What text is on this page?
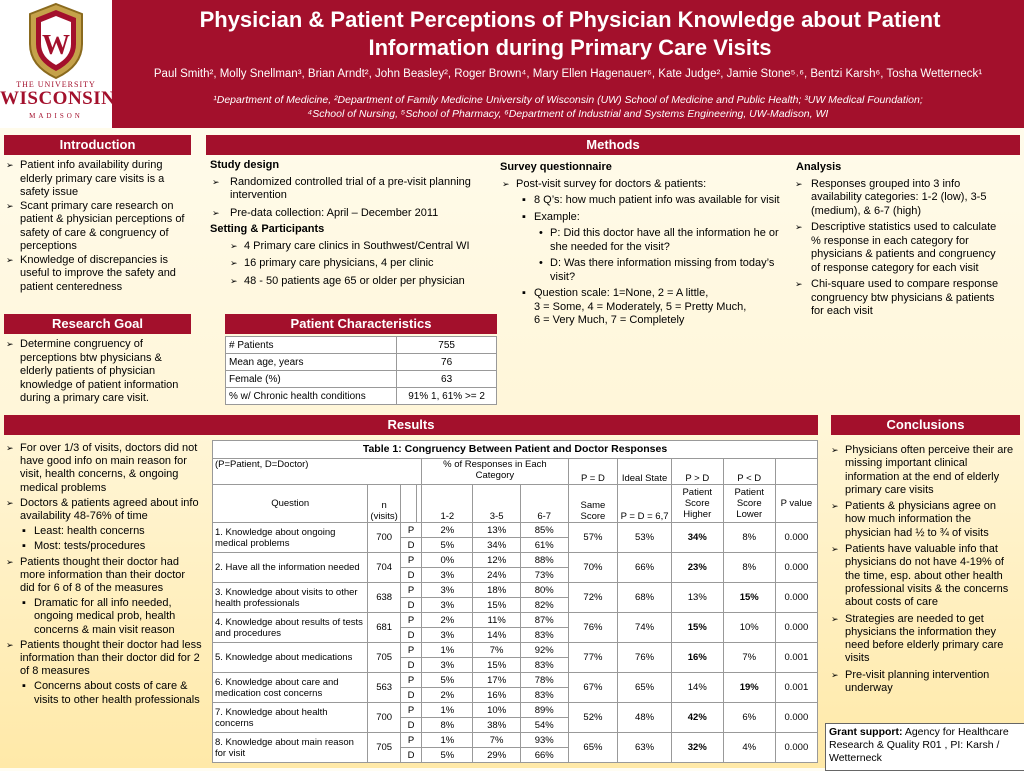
W
THE UNIVERSITY
WISCONSIN
MADISON
Physician & Patient Perceptions of Physician Knowledge about Patient
Information during Primary Care Visits
Paul Smith², Molly Snellman³, Brian Arndt², John Beasley², Roger Brown⁴, Mary Ellen Hagenauer⁶, Kate Judge², Jamie Stone⁵˒⁶, Bentzi Karsh⁶, Tosha Wetterneck¹
¹Department of Medicine, ²Department of Family Medicine University of Wisconsin (UW) School of Medicine and Public Health; ³UW Medical Foundation;
⁴School of Nursing, ⁵School of Pharmacy, ⁶Department of Industrial and Systems Engineering, UW-Madison, WI
Introduction
➢ Patient info availability during elderly primary care visits is a safety issue
➢ Scant primary care research on patient & physician perceptions of safety of care & congruency of perceptions
➢ Knowledge of discrepancies is useful to improve the safety and patient centeredness
Methods
Study design
➢ Randomized controlled trial of a pre-visit planning intervention
➢ Pre-data collection: April – December 2011
Setting & Participants
➢ 4 Primary care clinics in Southwest/Central WI
➢ 16 primary care physicians, 4 per clinic
➢ 48 - 50 patients age 65 or older per physician
Survey questionnaire
➢ Post-visit survey for doctors & patients:
▪ 8 Q’s: how much patient info was available for visit
▪ Example:
• P: Did this doctor have all the information he or she needed for the visit?
• D: Was there information missing from today’s visit?
▪ Question scale: 1=None, 2 = A little,
3 = Some, 4 = Moderately, 5 = Pretty Much,
6 = Very Much, 7 = Completely
Analysis
➢ Responses grouped into 3 info availability categories: 1-2 (low), 3-5 (medium), & 6-7 (high)
➢ Descriptive statistics used to calculate % response in each category for physicians & patients and congruency of response category for each visit
➢ Chi-square used to compare response congruency btw physicians & patients for each visit
Research Goal
➢ Determine congruency of perceptions btw physicians & elderly patients of physician knowledge of patient information during a primary care visit.
Patient Characteristics
# Patients	755
Mean age, years	76
Female (%)	63
% w/ Chronic health conditions	91% 1, 61% >= 2
Results
➢ For over 1/3 of visits, doctors did not have good info on main reason for visit, health concerns, & ongoing medical problems
➢ Doctors & patients agreed about info availability 48-76% of time
▪ Least: health concerns
▪ Most: tests/procedures
➢ Patients thought their doctor had more information than their doctor did for 6 of 8 of the measures
▪ Dramatic for all info needed, ongoing medical prob, health concerns & main visit reason
➢ Patients thought their doctor had less information than their doctor did for 2 of 8 measures
▪ Concerns about costs of care & visits to other health professionals
Table 1: Congruency Between Patient and Doctor Responses											
(P=Patient, D=Doctor)				% of Responses in Each Category			P = D	Ideal State	P > D	P < D	
Question	n (visits)			1-2	3-5	6-7	Same Score	P = D = 6,7	Patient Score Higher	Patient Score Lower	P value
1. Knowledge about ongoing medical problems	700	P		2%	13%	85%	57%	53%	34%	8%	0.000
		D		5%	34%	61%					
2. Have all the information needed	704	P		0%	12%	88%	70%	66%	23%	8%	0.000
		D		3%	24%	73%					
3. Knowledge about visits to other health professionals	638	P		3%	18%	80%	72%	68%	13%	15%	0.000
		D		3%	15%	82%					
4. Knowledge about results of tests and procedures	681	P		2%	11%	87%	76%	74%	15%	10%	0.000
		D		3%	14%	83%					
5. Knowledge about medications	705	P		1%	7%	92%	77%	76%	16%	7%	0.001
		D		3%	15%	83%					
6. Knowledge about care and medication cost concerns	563	P		5%	17%	78%	67%	65%	14%	19%	0.001
		D		2%	16%	83%					
7. Knowledge about health concerns	700	P		1%	10%	89%	52%	48%	42%	6%	0.000
		D		8%	38%	54%					
8. Knowledge about main reason for visit	705	P		1%	7%	93%	65%	63%	32%	4%	0.000
		D		5%	29%	66%					
Conclusions
➢ Physicians often perceive their are missing important clinical information at the end of elderly primary care visits
➢ Patients & physicians agree on how much information the physician had ½ to ¾ of visits
➢ Patients have valuable info that physicians do not have 4-19% of the time, esp. about other health professional visits & the concerns about costs of care
➢ Strategies are needed to get physicians the information they need before elderly primary care visits
➢ Pre-visit planning intervention underway
Grant support: Agency for Healthcare Research & Quality R01 , PI: Karsh / Wetterneck
